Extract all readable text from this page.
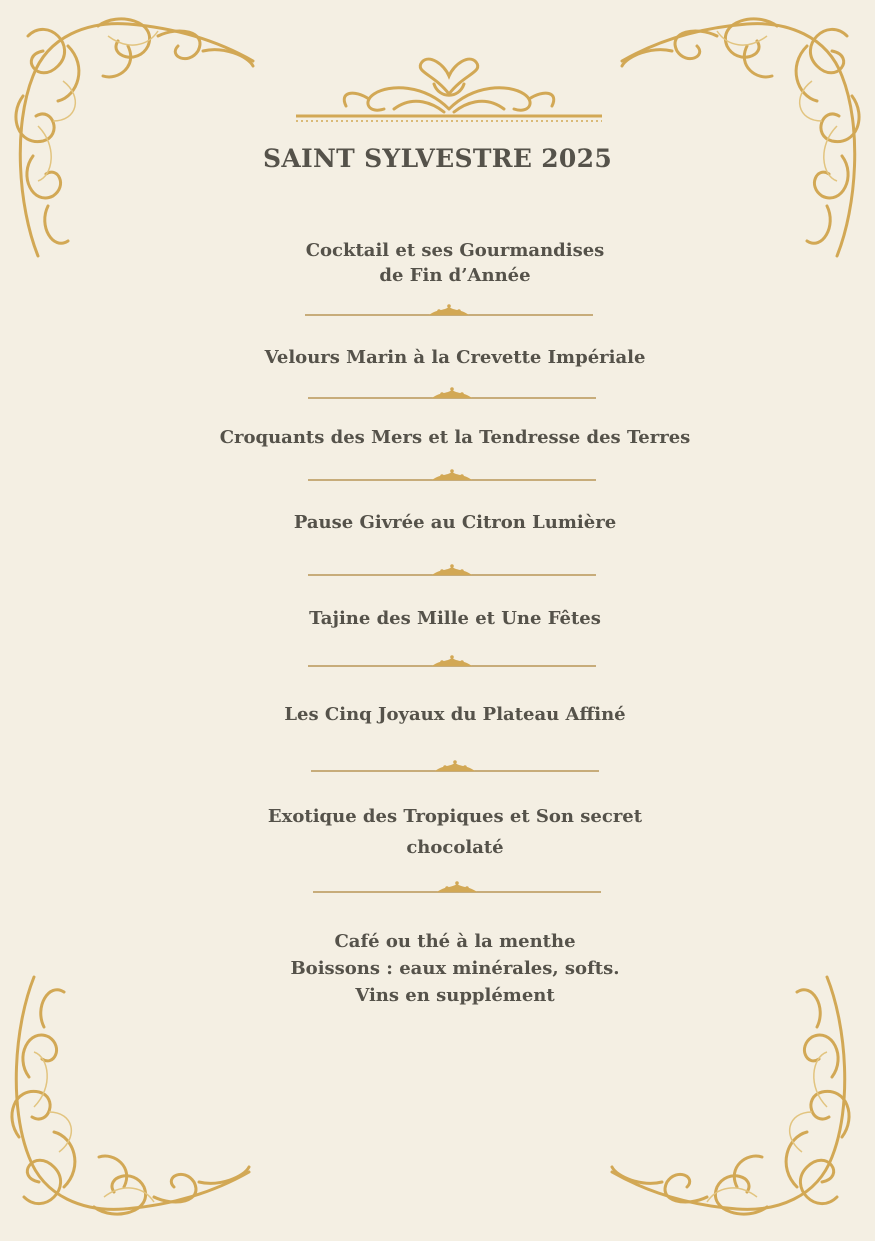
SAINT SYLVESTRE 2025
Cocktail et ses Gourmandises
de Fin d’Année
Velours Marin à la Crevette Impériale
Croquants des Mers et la Tendresse des Terres
Pause Givrée au Citron Lumière
Tajine des Mille et Une Fêtes
Les Cinq Joyaux du Plateau Affiné
Exotique des Tropiques et Son secret
chocolaté
Café ou thé à la menthe
Boissons : eaux minérales, softs.
Vins en supplément
